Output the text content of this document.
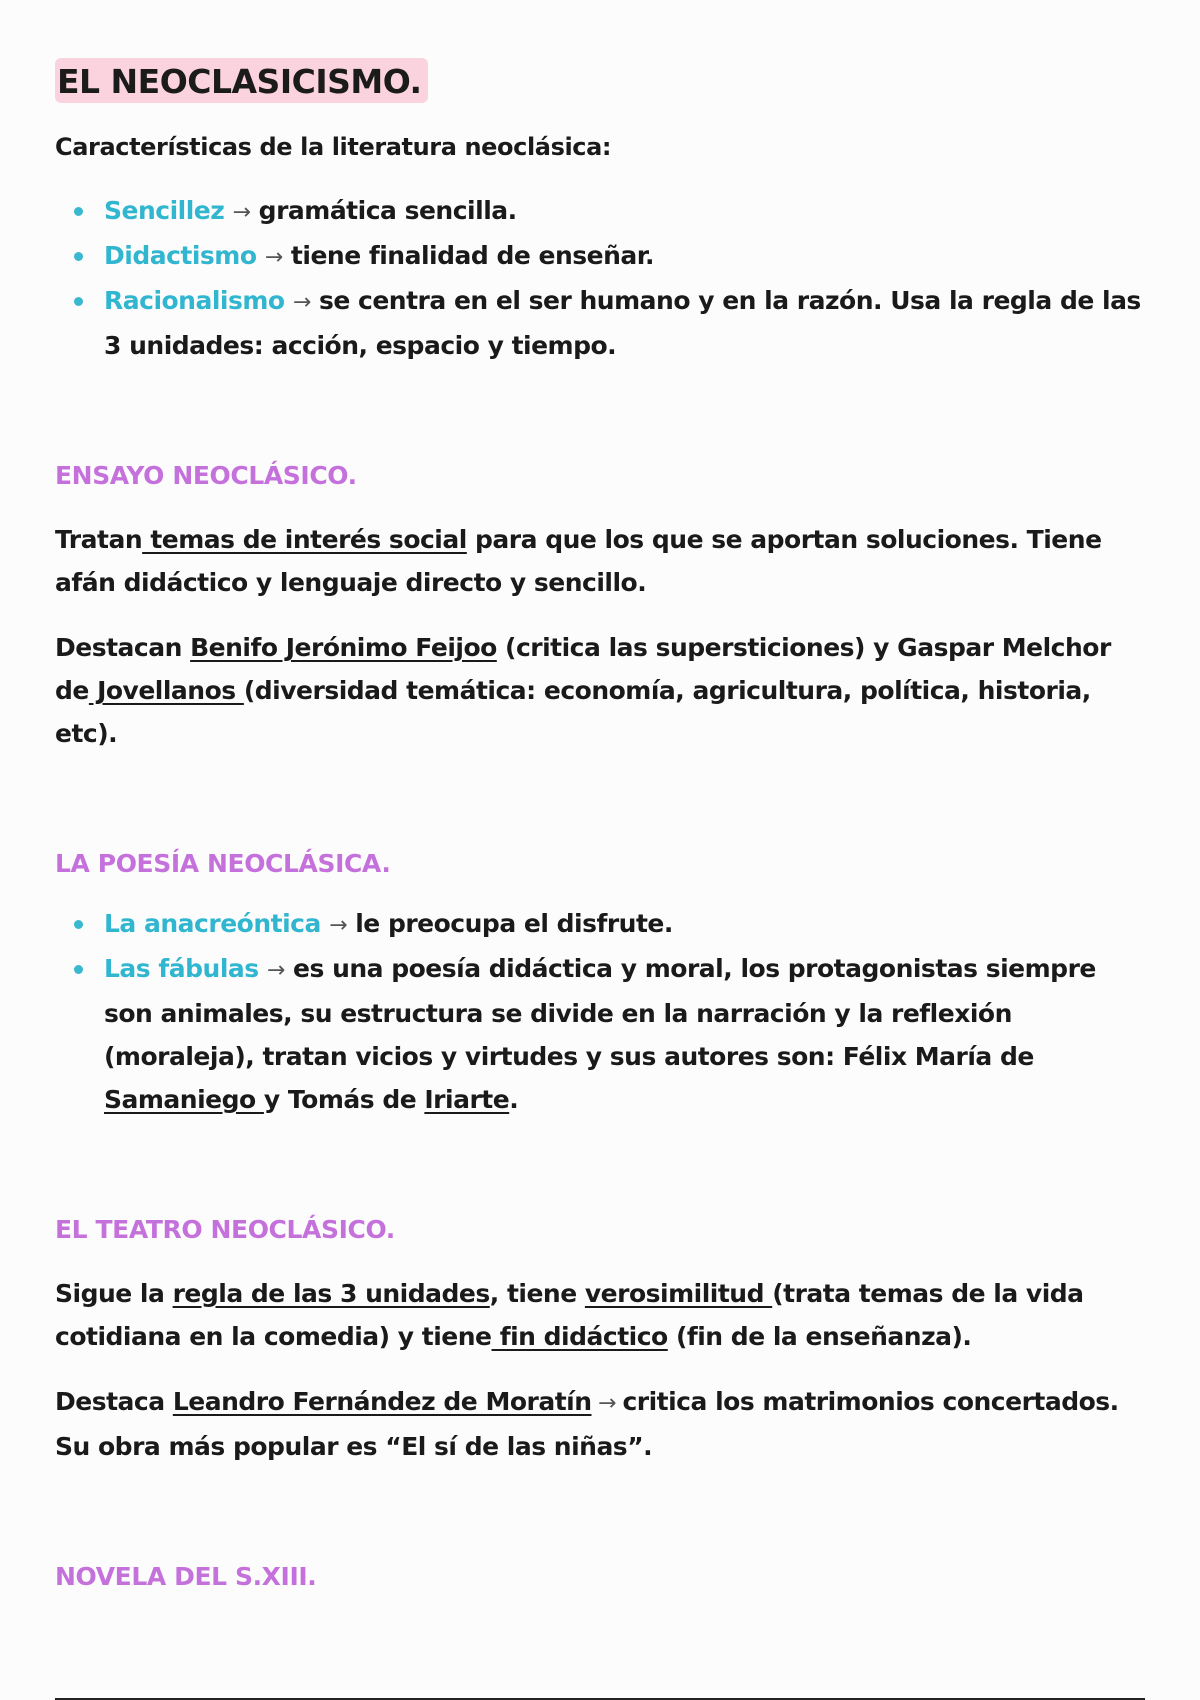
EL NEOCLASICISMO.
Características de la literatura neoclásica:
Sencillez → gramática sencilla.
Didactismo → tiene finalidad de enseñar.
Racionalismo → se centra en el ser humano y en la razón. Usa la regla de las 3 unidades: acción, espacio y tiempo.
ENSAYO NEOCLÁSICO.

Tratan temas de interés social para que los que se aportan soluciones. Tiene afán didáctico y lenguaje directo y sencillo.

Destacan Benifo Jerónimo Feijoo (critica las supersticiones) y Gaspar Melchor de Jovellanos (diversidad temática: economía, agricultura, política, historia, etc).

LA POESÍA NEOCLÁSICA.
La anacreóntica → le preocupa el disfrute.
Las fábulas → es una poesía didáctica y moral, los protagonistas siempre son animales, su estructura se divide en la narración y la reflexión (moraleja), tratan vicios y virtudes y sus autores son: Félix María de Samaniego y Tomás de Iriarte.
EL TEATRO NEOCLÁSICO.

Sigue la regla de las 3 unidades, tiene verosimilitud (trata temas de la vida cotidiana en la comedia) y tiene fin didáctico (fin de la enseñanza).

Destaca Leandro Fernández de Moratín → critica los matrimonios concertados. Su obra más popular es “El sí de las niñas”.

NOVELA DEL S.XIII.
